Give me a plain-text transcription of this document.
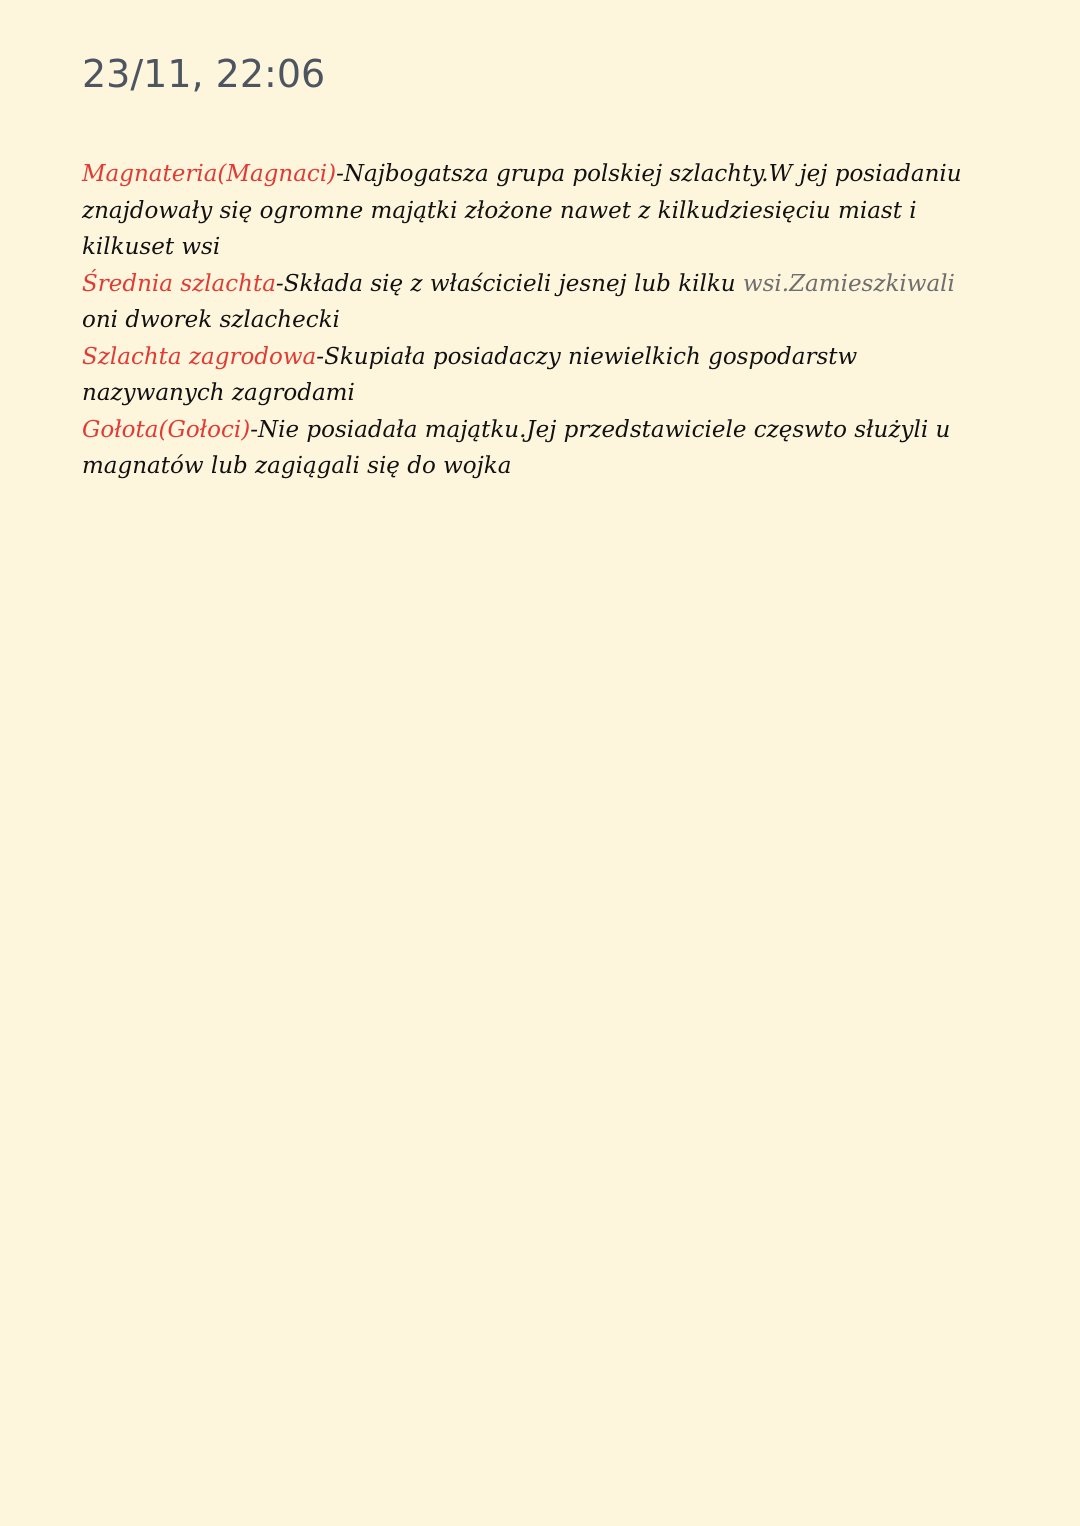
23/11, 22:06
Magnateria(Magnaci)-Najbogatsza grupa polskiej szlachty.W jej posiadaniu znajdowały się ogromne majątki złożone nawet z kilkudziesięciu miast i kilkuset wsi
Średnia szlachta-Składa się z właścicieli jesnej lub kilku wsi.Zamieszkiwali oni dworek szlachecki
Szlachta zagrodowa-Skupiała posiadaczy niewielkich gospodarstw nazywanych zagrodami
Gołota(Gołoci)-Nie posiadała majątku.Jej przedstawiciele częswto służyli u magnatów lub zagiągali się do wojka
